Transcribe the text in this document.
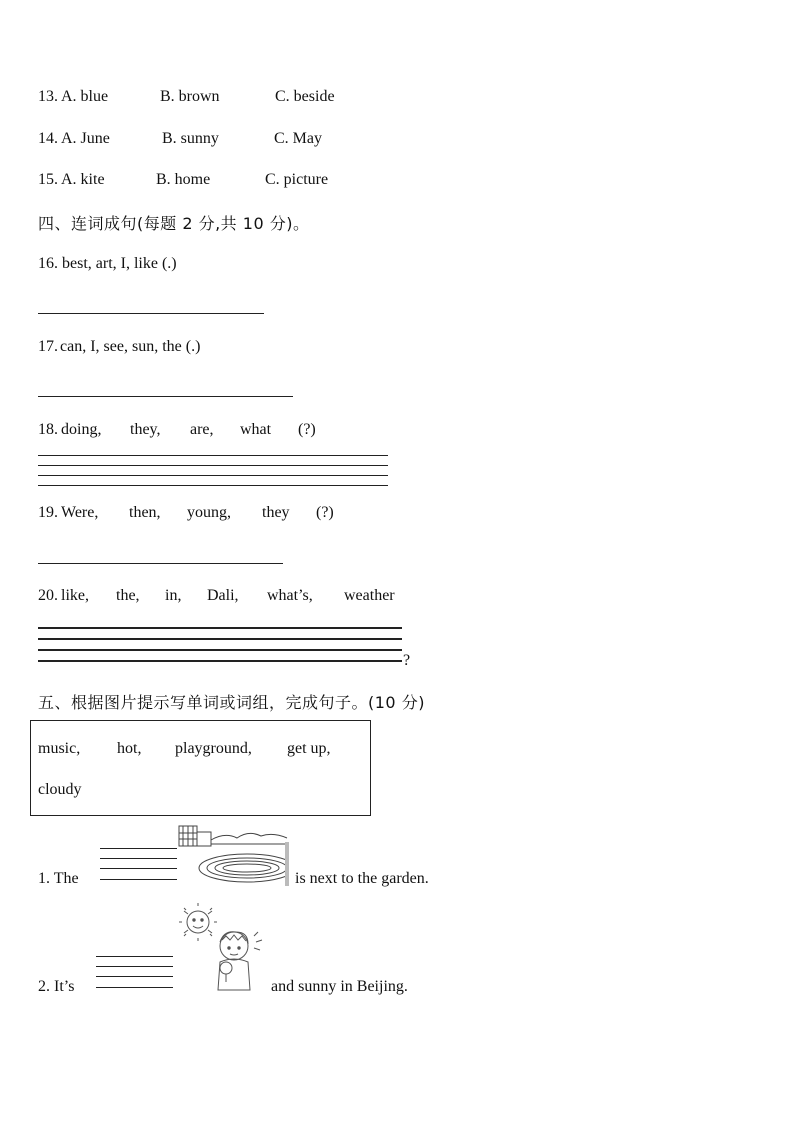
13. A. blue	B. brown	C. beside
14. A. June	B. sunny	C. May
15. A. kite	B. home	C. picture
四、连词成句(每题 2 分,共 10 分)。
16. best, art, I, like (.)
17. can, I, see, sun, the (.)
18. doing, they, are, what (?)
19. Were, then, young, they (?)
20. like, the, in, Dali, what’s, weather
?
五、根据图片提示写单词或词组，完成句子。(10 分)
music, hot, playground, get up,
cloudy
1. The	is next to the garden.
2. It’s	and sunny in Beijing.
